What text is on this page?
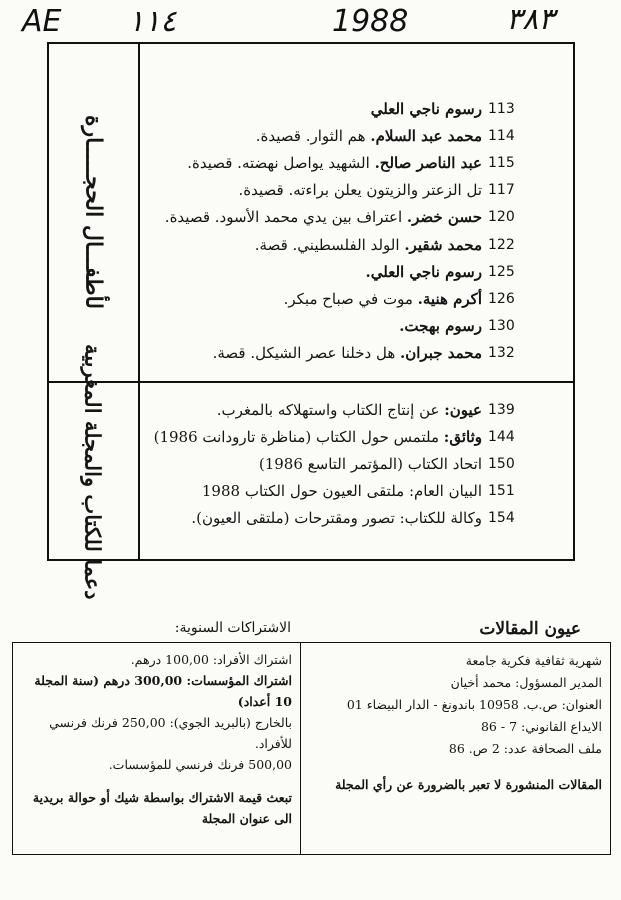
AE ١١٤	1988	٣٨٣
لأطفـــال الحجـــــارة
دعما للكتاب والمجلة المغربية
113
رسوم ناجي العلي
114
محمد عبد السلام. هم الثوار. قصيدة.
115
عبد الناصر صالح. الشهيد يواصل نهضته. قصيدة.
117
تل الزعتر والزيتون يعلن براءته. قصيدة.
120
حسن خضر. اعتراف بين يدي محمد الأسود. قصيدة.
122
محمد شقير. الولد الفلسطيني. قصة.
125
رسوم ناجي العلي.
126
أكرم هنية. موت في صباح مبكر.
130
رسوم بهجت.
132
محمد جبران. هل دخلنا عصر الشيكل. قصة.
139
عيون: عن إنتاج الكتاب واستهلاكه بالمغرب.
144
وثائق: ملتمس حول الكتاب (مناظرة تارودانت 1986)
150
اتحاد الكتاب (المؤتمر التاسع 1986)
151
البيان العام: ملتقى العيون حول الكتاب 1988
154
وكالة للكتاب: تصور ومقترحات (ملتقى العيون).
عيون المقالات
الاشتراكات السنوية:
شهرية ثقافية فكرية جامعة
المدير المسؤول: محمد أخيان
العنوان: ص.ب. 10958 باندونغ - الدار البيضاء 01
الايداع القانوني: 7 - 86
ملف الصحافة عدد: 2 ص. 86
المقالات المنشورة لا تعبر بالضرورة عن رأي المجلة
اشتراك الأفراد: 100,00 درهم.
اشتراك المؤسسات: 300,00 درهم (سنة المجلة 10 أعداد)
بالخارج (بالبريد الجوي): 250,00 فرنك فرنسي للأفراد.
500,00 فرنك فرنسي للمؤسسات.
تبعث قيمة الاشتراك بواسطة شيك أو حوالة بريدية الى عنوان المجلة
